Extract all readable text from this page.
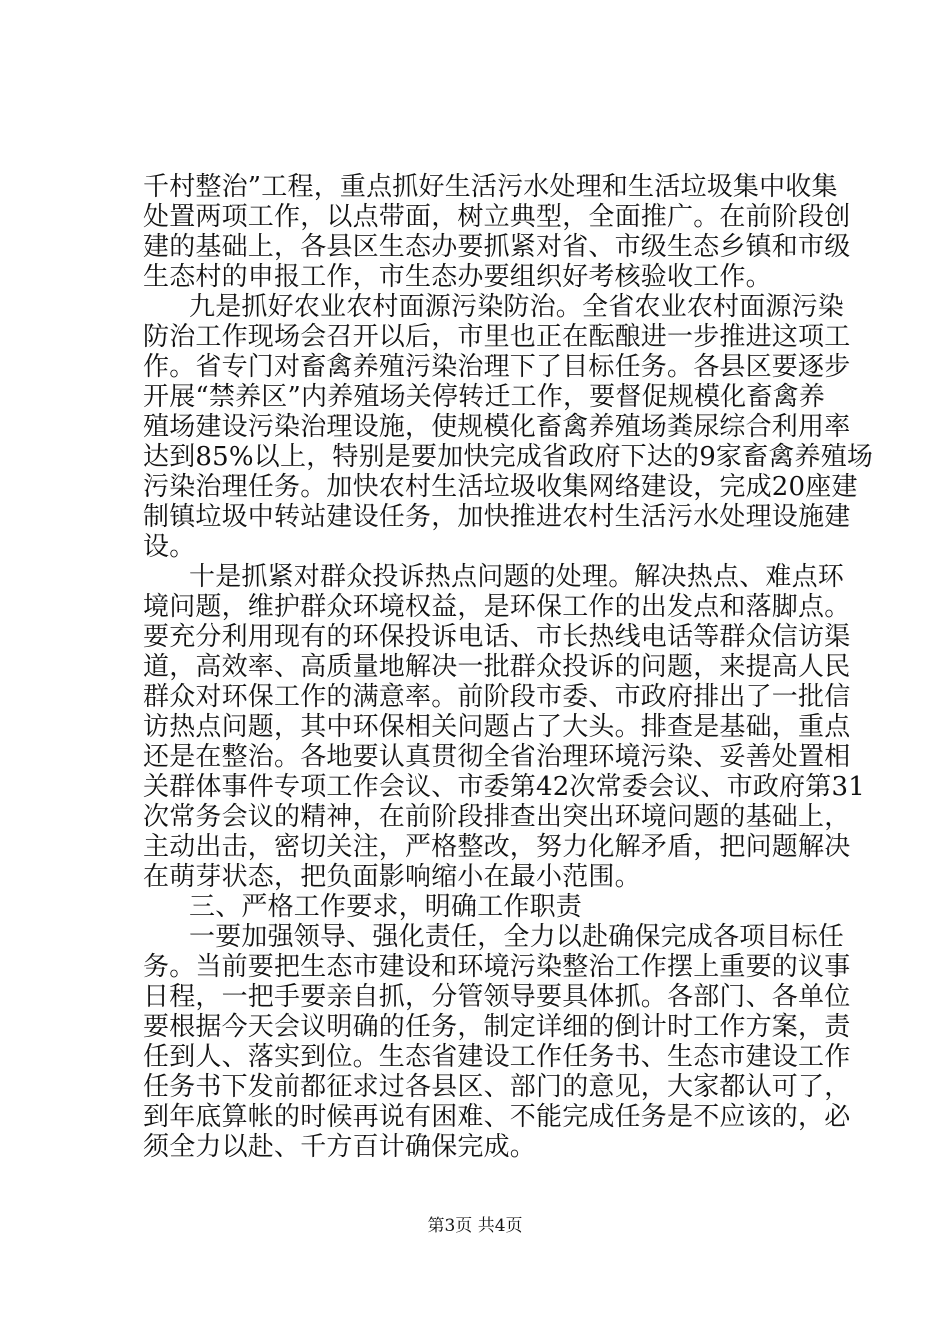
千村整治”工程，重点抓好生活污水处理和生活垃圾集中收集
处置两项工作，以点带面，树立典型，全面推广。在前阶段创
建的基础上，各县区生态办要抓紧对省、市级生态乡镇和市级
生态村的申报工作，市生态办要组织好考核验收工作。
九是抓好农业农村面源污染防治。全省农业农村面源污染
防治工作现场会召开以后，市里也正在酝酿进一步推进这项工
作。省专门对畜禽养殖污染治理下了目标任务。各县区要逐步
开展“禁养区”内养殖场关停转迁工作，要督促规模化畜禽养
殖场建设污染治理设施，使规模化畜禽养殖场粪尿综合利用率
达到85%以上，特别是要加快完成省政府下达的9家畜禽养殖场
污染治理任务。加快农村生活垃圾收集网络建设，完成20座建
制镇垃圾中转站建设任务，加快推进农村生活污水处理设施建
设。
十是抓紧对群众投诉热点问题的处理。解决热点、难点环
境问题，维护群众环境权益，是环保工作的出发点和落脚点。
要充分利用现有的环保投诉电话、市长热线电话等群众信访渠
道，高效率、高质量地解决一批群众投诉的问题，来提高人民
群众对环保工作的满意率。前阶段市委、市政府排出了一批信
访热点问题，其中环保相关问题占了大头。排查是基础，重点
还是在整治。各地要认真贯彻全省治理环境污染、妥善处置相
关群体事件专项工作会议、市委第42次常委会议、市政府第31
次常务会议的精神，在前阶段排查出突出环境问题的基础上，
主动出击，密切关注，严格整改，努力化解矛盾，把问题解决
在萌芽状态，把负面影响缩小在最小范围。
三、严格工作要求，明确工作职责
一要加强领导、强化责任，全力以赴确保完成各项目标任
务。当前要把生态市建设和环境污染整治工作摆上重要的议事
日程，一把手要亲自抓，分管领导要具体抓。各部门、各单位
要根据今天会议明确的任务，制定详细的倒计时工作方案，责
任到人、落实到位。生态省建设工作任务书、生态市建设工作
任务书下发前都征求过各县区、部门的意见，大家都认可了，
到年底算帐的时候再说有困难、不能完成任务是不应该的，必
须全力以赴、千方百计确保完成。
第3页 共4页
